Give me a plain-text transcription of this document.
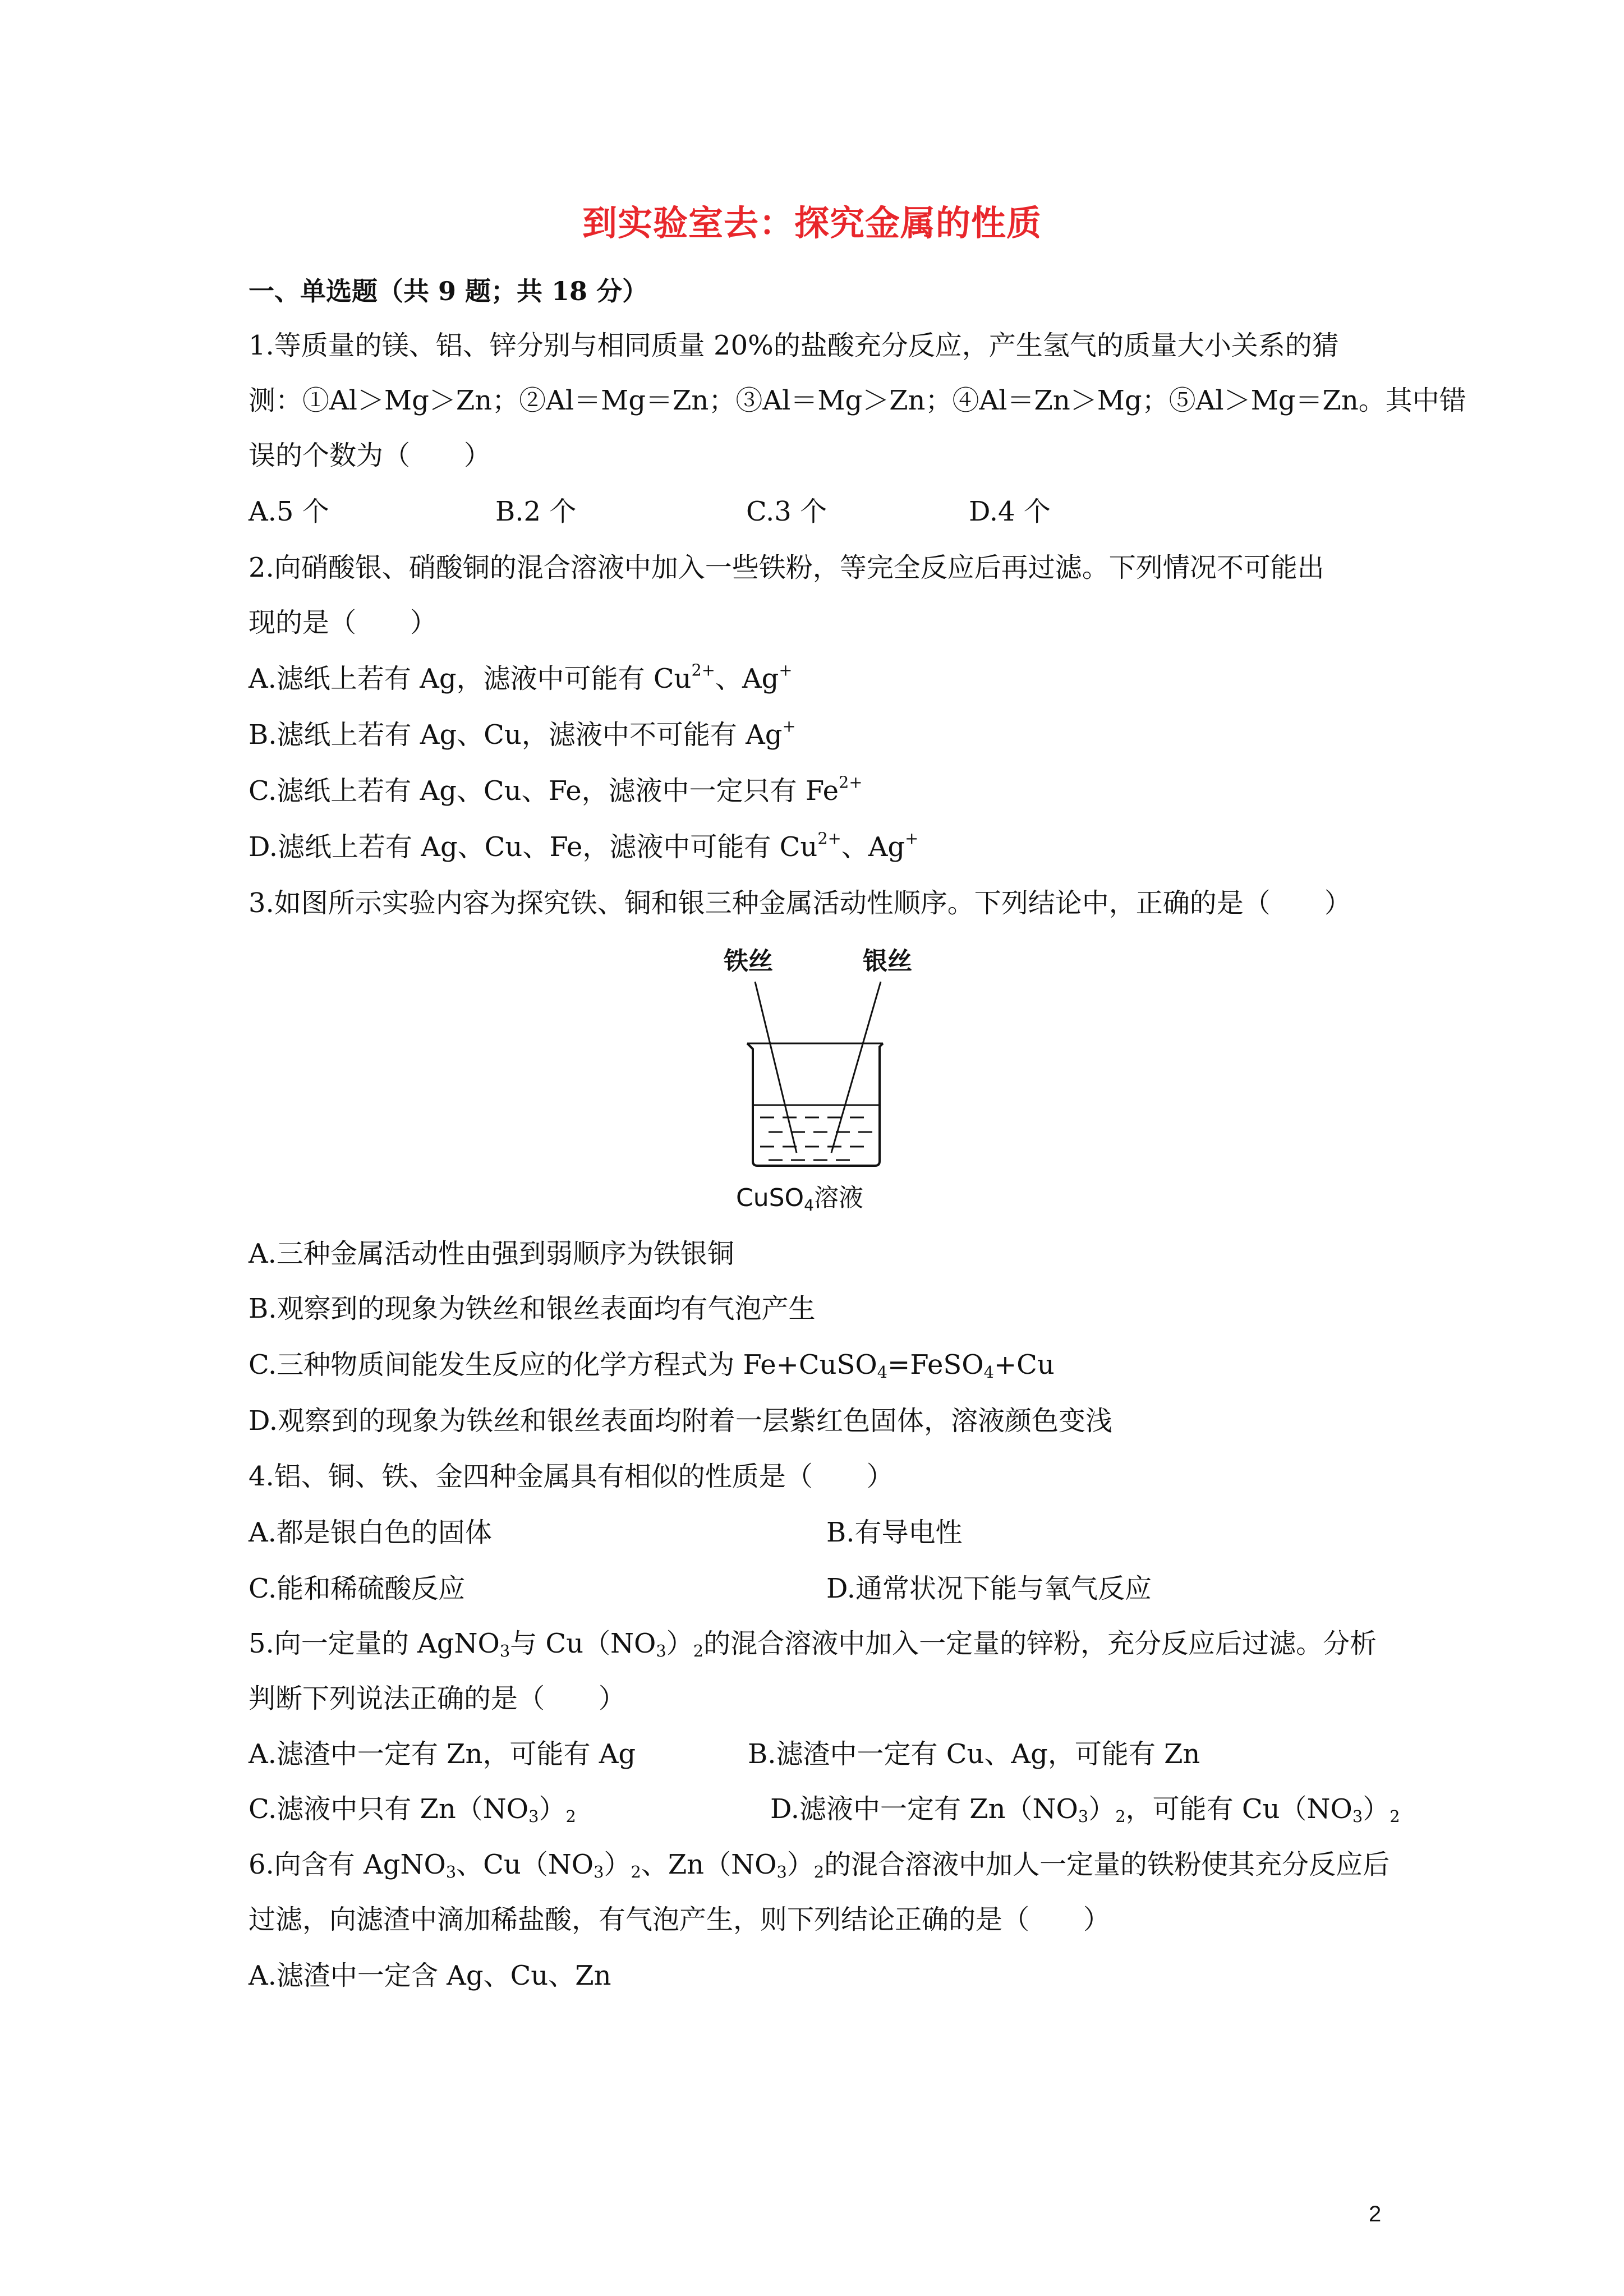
到实验室去：探究金属的性质
一、单选题（共 9 题；共 18 分）
1.等质量的镁、铝、锌分别与相同质量 20%的盐酸充分反应，产生氢气的质量大小关系的猜
测：①Al＞Mg＞Zn；②Al＝Mg＝Zn；③Al＝Mg＞Zn；④Al＝Zn＞Mg；⑤Al＞Mg＝Zn。其中错
误的个数为（　　）
A.5 个	B.2 个	C.3 个	D.4 个
2.向硝酸银、硝酸铜的混合溶液中加入一些铁粉，等完全反应后再过滤。下列情况不可能出
现的是（　　）
A.滤纸上若有 Ag，滤液中可能有 $Cu^{2+}$、Ag+
B.滤纸上若有 Ag、Cu，滤液中不可能有 Ag+
C.滤纸上若有 Ag、Cu、Fe，滤液中一定只有 $Fe^{2+}$
D.滤纸上若有 Ag、Cu、Fe，滤液中可能有 $Cu^{2+}$、Ag+
3.如图所示实验内容为探究铁、铜和银三种金属活动性顺序。下列结论中，正确的是（　　）
铁丝	银丝
CuSO4溶液
A.三种金属活动性由强到弱顺序为铁银铜
B.观察到的现象为铁丝和银丝表面均有气泡产生
C.三种物质间能发生反应的化学方程式为 Fe+CuSO$_4$=FeSO$_4$+Cu
D.观察到的现象为铁丝和银丝表面均附着一层紫红色固体，溶液颜色变浅
4.铝、铜、铁、金四种金属具有相似的性质是（　　）
A.都是银白色的固体	B.有导电性
C.能和稀硫酸反应	D.通常状况下能与氧气反应
5.向一定量的 AgNO$_3$与 $Cu(NO_3)_2$的混合溶液中加入一定量的锌粉，充分反应后过滤。分析
判断下列说法正确的是（　　）
A.滤渣中一定有 Zn，可能有 Ag	B.滤渣中一定有 Cu、Ag，可能有 Zn
C.滤液中只有 $Zn(NO_3)_2$	D.滤液中一定有 $Zn(NO_3)_2$，可能有 $Cu(NO_3)_2$
6.向含有 AgNO$_3$、$Cu(NO_3)_2$、$Zn(NO_3)_2$的混合溶液中加人一定量的铁粉使其充分反应后
过滤，向滤渣中滴加稀盐酸，有气泡产生，则下列结论正确的是（　　）
A.滤渣中一定含 Ag、Cu、Zn
2
